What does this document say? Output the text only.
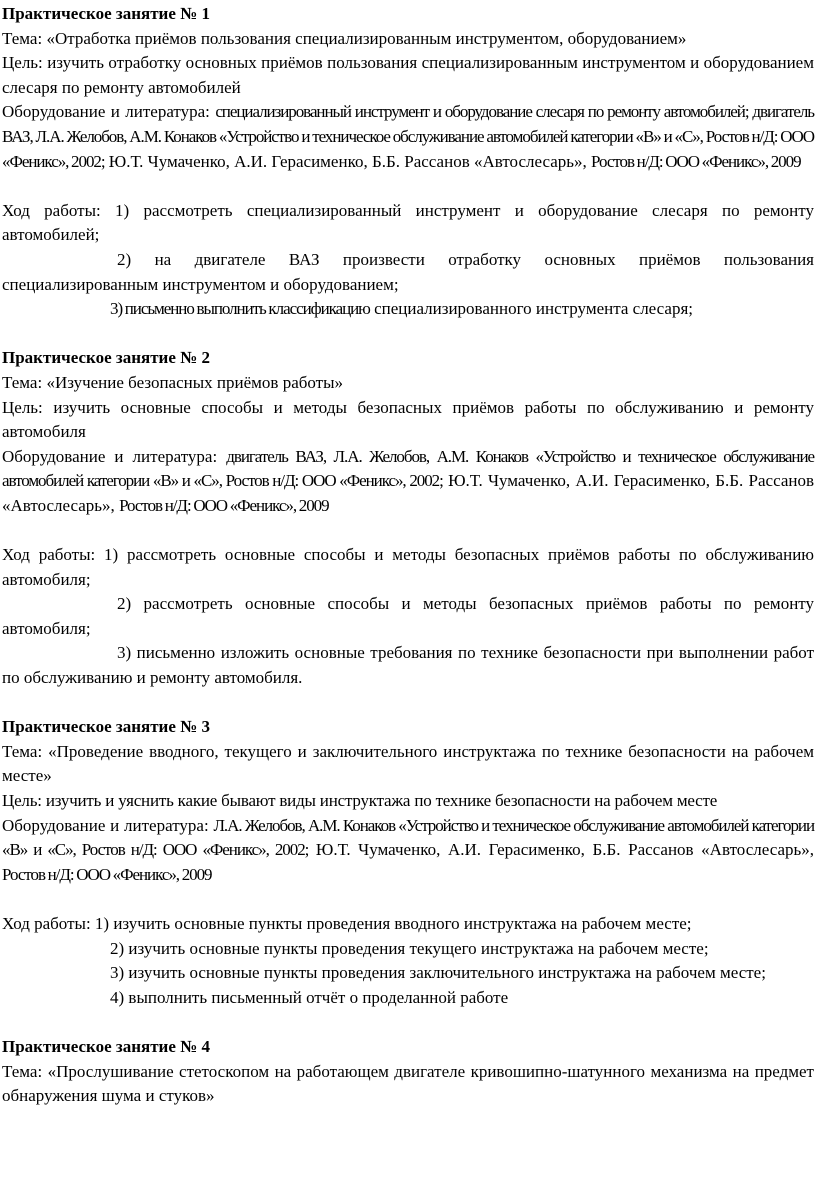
Практическое занятие № 1

Тема: «Отработка приёмов пользования специализированным инструментом, оборудованием»

Цель: изучить отработку основных приёмов пользования специализированным инструментом и оборудованием слесаря по ремонту автомобилей

Оборудование и литература: специализированный инструмент и оборудование слесаря по ремонту автомобилей; двигатель ВАЗ, Л.А. Желобов, А.М. Конаков «Устройство и техническое обслуживание автомобилей категории «В» и «С», Ростов н/Д: ООО «Феникс», 2002; Ю.Т. Чумаченко, А.И. Герасименко, Б.Б. Рассанов «Автослесарь», Ростов н/Д: ООО «Феникс», 2009

Ход работы: 1) рассмотреть специализированный инструмент и оборудование слесаря по ремонту автомобилей;

2) на двигателе ВАЗ произвести отработку основных приёмов пользования специализированным инструментом и оборудованием;

3) письменно выполнить классификацию специализированного инструмента слесаря;

Практическое занятие № 2

Тема: «Изучение безопасных приёмов работы»

Цель: изучить основные способы и методы безопасных приёмов работы по обслуживанию и ремонту автомобиля

Оборудование и литература: двигатель ВАЗ, Л.А. Желобов, А.М. Конаков «Устройство и техническое обслуживание автомобилей категории «В» и «С», Ростов н/Д: ООО «Феникс», 2002; Ю.Т. Чумаченко, А.И. Герасименко, Б.Б. Рассанов «Автослесарь», Ростов н/Д: ООО «Феникс», 2009

Ход работы: 1) рассмотреть основные способы и методы безопасных приёмов работы по обслуживанию автомобиля;

2) рассмотреть основные способы и методы безопасных приёмов работы по ремонту автомобиля;

3) письменно изложить основные требования по технике безопасности при выполнении работ по обслуживанию и ремонту автомобиля.

Практическое занятие № 3

Тема: «Проведение вводного, текущего и заключительного инструктажа по технике безопасности на рабочем месте»

Цель: изучить и уяснить какие бывают виды инструктажа по технике безопасности на рабочем месте

Оборудование и литература: Л.А. Желобов, А.М. Конаков «Устройство и техническое обслуживание автомобилей категории «В» и «С», Ростов н/Д: ООО «Феникс», 2002; Ю.Т. Чумаченко, А.И. Герасименко, Б.Б. Рассанов «Автослесарь», Ростов н/Д: ООО «Феникс», 2009

Ход работы: 1) изучить основные пункты проведения вводного инструктажа на рабочем месте;

2) изучить основные пункты проведения текущего инструктажа на рабочем месте;

3) изучить основные пункты проведения заключительного инструктажа на рабочем месте;

4) выполнить письменный отчёт о проделанной работе

Практическое занятие № 4

Тема: «Прослушивание стетоскопом на работающем двигателе кривошипно-шатунного механизма на предмет обнаружения шума и стуков»
